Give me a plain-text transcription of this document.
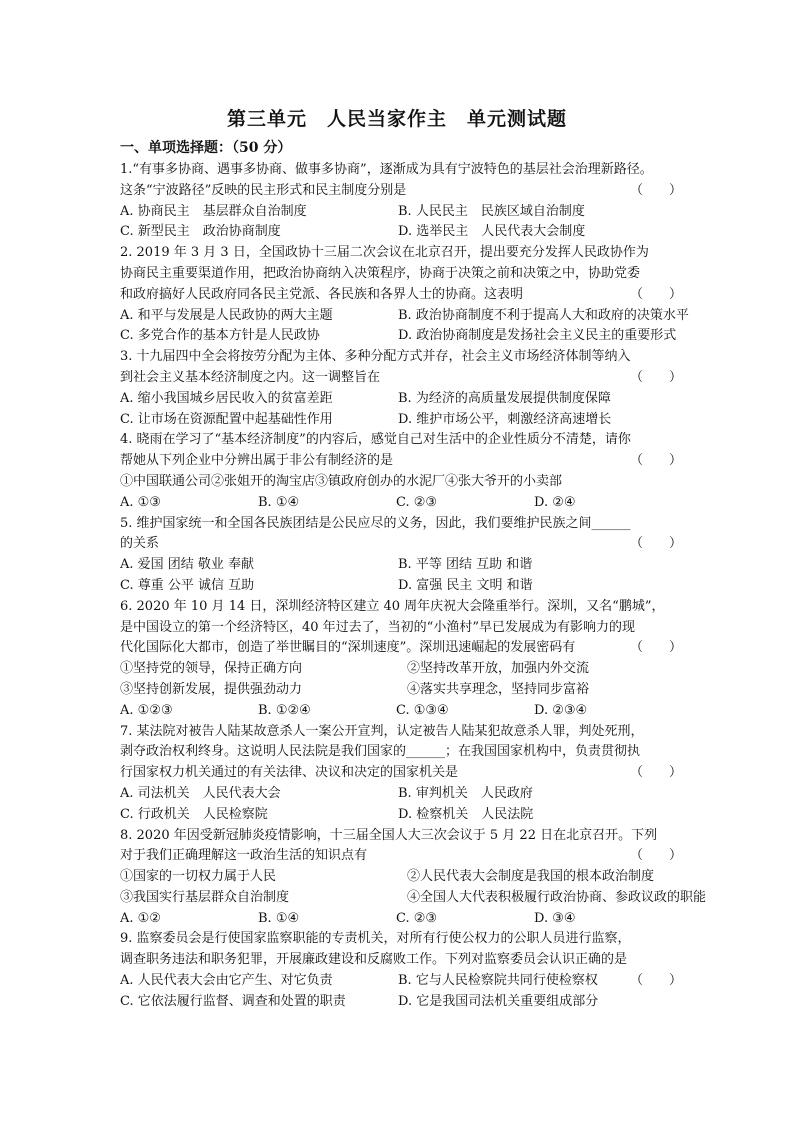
第三单元　人民当家作主　单元测试题
一、单项选择题：（50 分）
1.“有事多协商、遇事多协商、做事多协商”，逐渐成为具有宁波特色的基层社会治理新路径。
这条“宁波路径”反映的民主形式和民主制度分别是	（　　）
A. 协商民主　基层群众自治制度	B. 人民民主　民族区域自治制度
C. 新型民主　政治协商制度	D. 选举民主　人民代表大会制度
2. 2019 年 3 月 3 日，全国政协十三届二次会议在北京召开，提出要充分发挥人民政协作为
协商民主重要渠道作用，把政治协商纳入决策程序，协商于决策之前和决策之中，协助党委
和政府搞好人民政府同各民主党派、各民族和各界人士的协商。这表明	（　　）
A. 和平与发展是人民政协的两大主题	B. 政治协商制度不利于提高人大和政府的决策水平
C. 多党合作的基本方针是人民政协	D. 政治协商制度是发扬社会主义民主的重要形式
3. 十九届四中全会将按劳分配为主体、多种分配方式并存，社会主义市场经济体制等纳入
到社会主义基本经济制度之内。这一调整旨在	（　　）
A. 缩小我国城乡居民收入的贫富差距	B. 为经济的高质量发展提供制度保障
C. 让市场在资源配置中起基础性作用	D. 维护市场公平，刺激经济高速增长
4. 晓雨在学习了“基本经济制度”的内容后，感觉自己对生活中的企业性质分不清楚，请你
帮她从下列企业中分辨出属于非公有制经济的是	（　　）
①中国联通公司②张姐开的淘宝店③镇政府创办的水泥厂④张大爷开的小卖部
A. ①③	B. ①④	C. ②③	D. ②④
5. 维护国家统一和全国各民族团结是公民应尽的义务，因此，我们要维护民族之间______
的关系	（　　）
A. 爱国 团结 敬业 奉献	B. 平等 团结 互助 和谐
C. 尊重 公平 诚信 互助	D. 富强 民主 文明 和谐
6. 2020 年 10 月 14 日，深圳经济特区建立 40 周年庆祝大会隆重举行。深圳，又名“鹏城”，
是中国设立的第一个经济特区，40 年过去了，当初的“小渔村”早已发展成为有影响力的现
代化国际化大都市，创造了举世瞩目的“深圳速度”。深圳迅速崛起的发展密码有	（　　）
①坚持党的领导，保持正确方向	②坚持改革开放，加强内外交流
③坚持创新发展，提供强劲动力	④落实共享理念，坚持同步富裕
A. ①②③	B. ①②④	C. ①③④	D. ②③④
7. 某法院对被告人陆某故意杀人一案公开宣判，认定被告人陆某犯故意杀人罪，判处死刑，
剥夺政治权利终身。这说明人民法院是我们国家的______；在我国国家机构中，负责贯彻执
行国家权力机关通过的有关法律、决议和决定的国家机关是	（　　）
A. 司法机关　人民代表大会	B. 审判机关　人民政府
C. 行政机关　人民检察院	D. 检察机关　人民法院
8. 2020 年因受新冠肺炎疫情影响，十三届全国人大三次会议于 5 月 22 日在北京召开。下列
对于我们正确理解这一政治生活的知识点有	（　　）
①国家的一切权力属于人民	②人民代表大会制度是我国的根本政治制度
③我国实行基层群众自治制度	④全国人大代表积极履行政治协商、参政议政的职能
A. ①②	B. ①④	C. ②③	D. ③④
9. 监察委员会是行使国家监察职能的专责机关，对所有行使公权力的公职人员进行监察，
调查职务违法和职务犯罪，开展廉政建设和反腐败工作。下列对监察委员会认识正确的是
A. 人民代表大会由它产生、对它负责	B. 它与人民检察院共同行使检察权 （　　）
C. 它依法履行监督、调查和处置的职责	D. 它是我国司法机关重要组成部分
